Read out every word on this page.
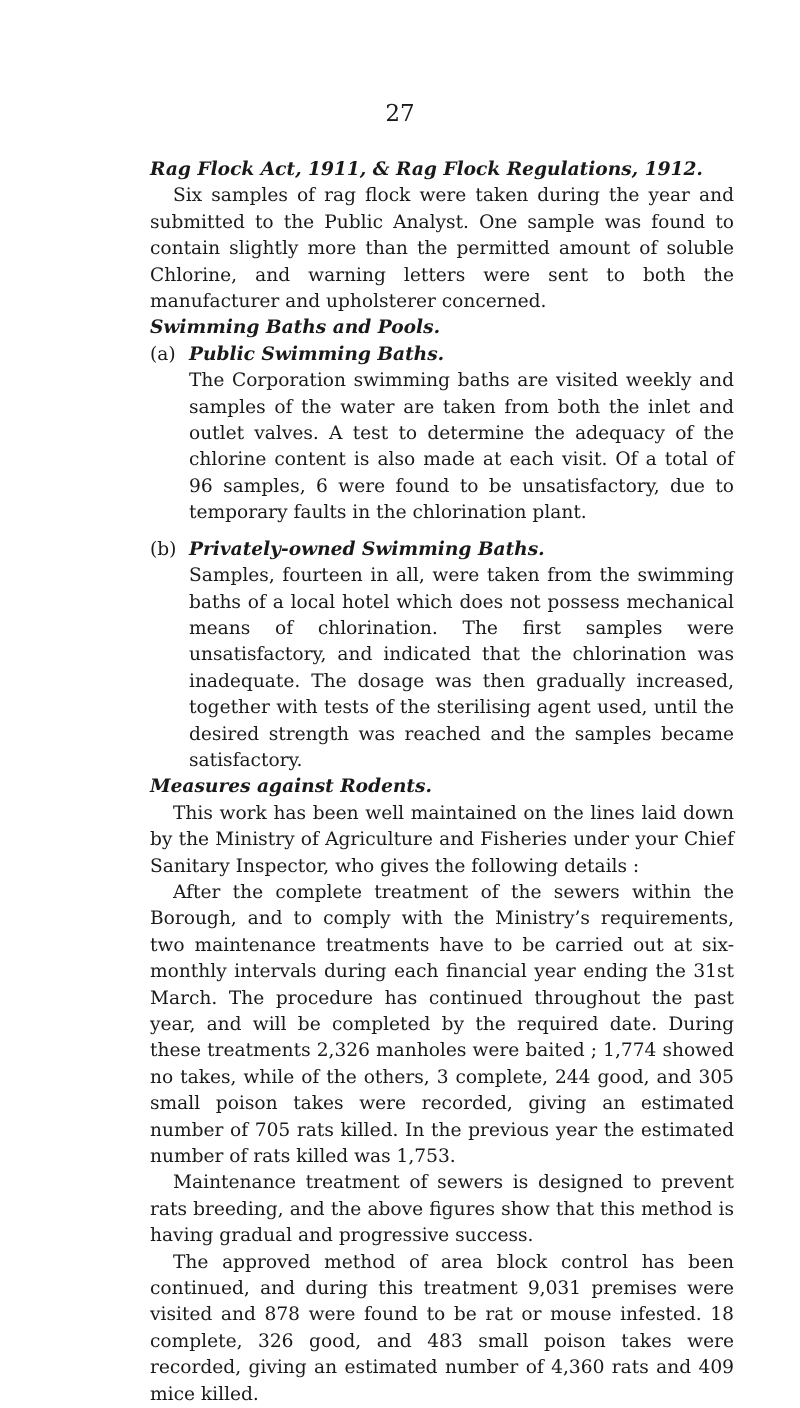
27

Rag Flock Act, 1911, & Rag Flock Regulations, 1912.

Six samples of rag flock were taken during the year and submitted to the Public Analyst. One sample was found to contain slightly more than the permitted amount of soluble Chlorine, and warning letters were sent to both the manufacturer and upholsterer concerned.

Swimming Baths and Pools.

(a) Public Swimming Baths.

The Corporation swimming baths are visited weekly and samples of the water are taken from both the inlet and outlet valves. A test to determine the adequacy of the chlorine content is also made at each visit. Of a total of 96 samples, 6 were found to be unsatisfactory, due to temporary faults in the chlorination plant.

(b) Privately-owned Swimming Baths.

Samples, fourteen in all, were taken from the swimming baths of a local hotel which does not possess mechanical means of chlorination. The first samples were unsatisfactory, and indicated that the chlorination was inadequate. The dosage was then gradually increased, together with tests of the sterilising agent used, until the desired strength was reached and the samples became satisfactory.

Measures against Rodents.

This work has been well maintained on the lines laid down by the Ministry of Agriculture and Fisheries under your Chief Sanitary Inspector, who gives the following details :

After the complete treatment of the sewers within the Borough, and to comply with the Ministry’s requirements, two maintenance treatments have to be carried out at six-monthly intervals during each financial year ending the 31st March. The procedure has continued throughout the past year, and will be completed by the required date. During these treatments 2,326 manholes were baited ; 1,774 showed no takes, while of the others, 3 complete, 244 good, and 305 small poison takes were recorded, giving an estimated number of 705 rats killed. In the previous year the estimated number of rats killed was 1,753.

Maintenance treatment of sewers is designed to prevent rats breeding, and the above figures show that this method is having gradual and progressive success.

The approved method of area block control has been continued, and during this treatment 9,031 premises were visited and 878 were found to be rat or mouse infested. 18 complete, 326 good, and 483 small poison takes were recorded, giving an estimated number of 4,360 rats and 409 mice killed.
